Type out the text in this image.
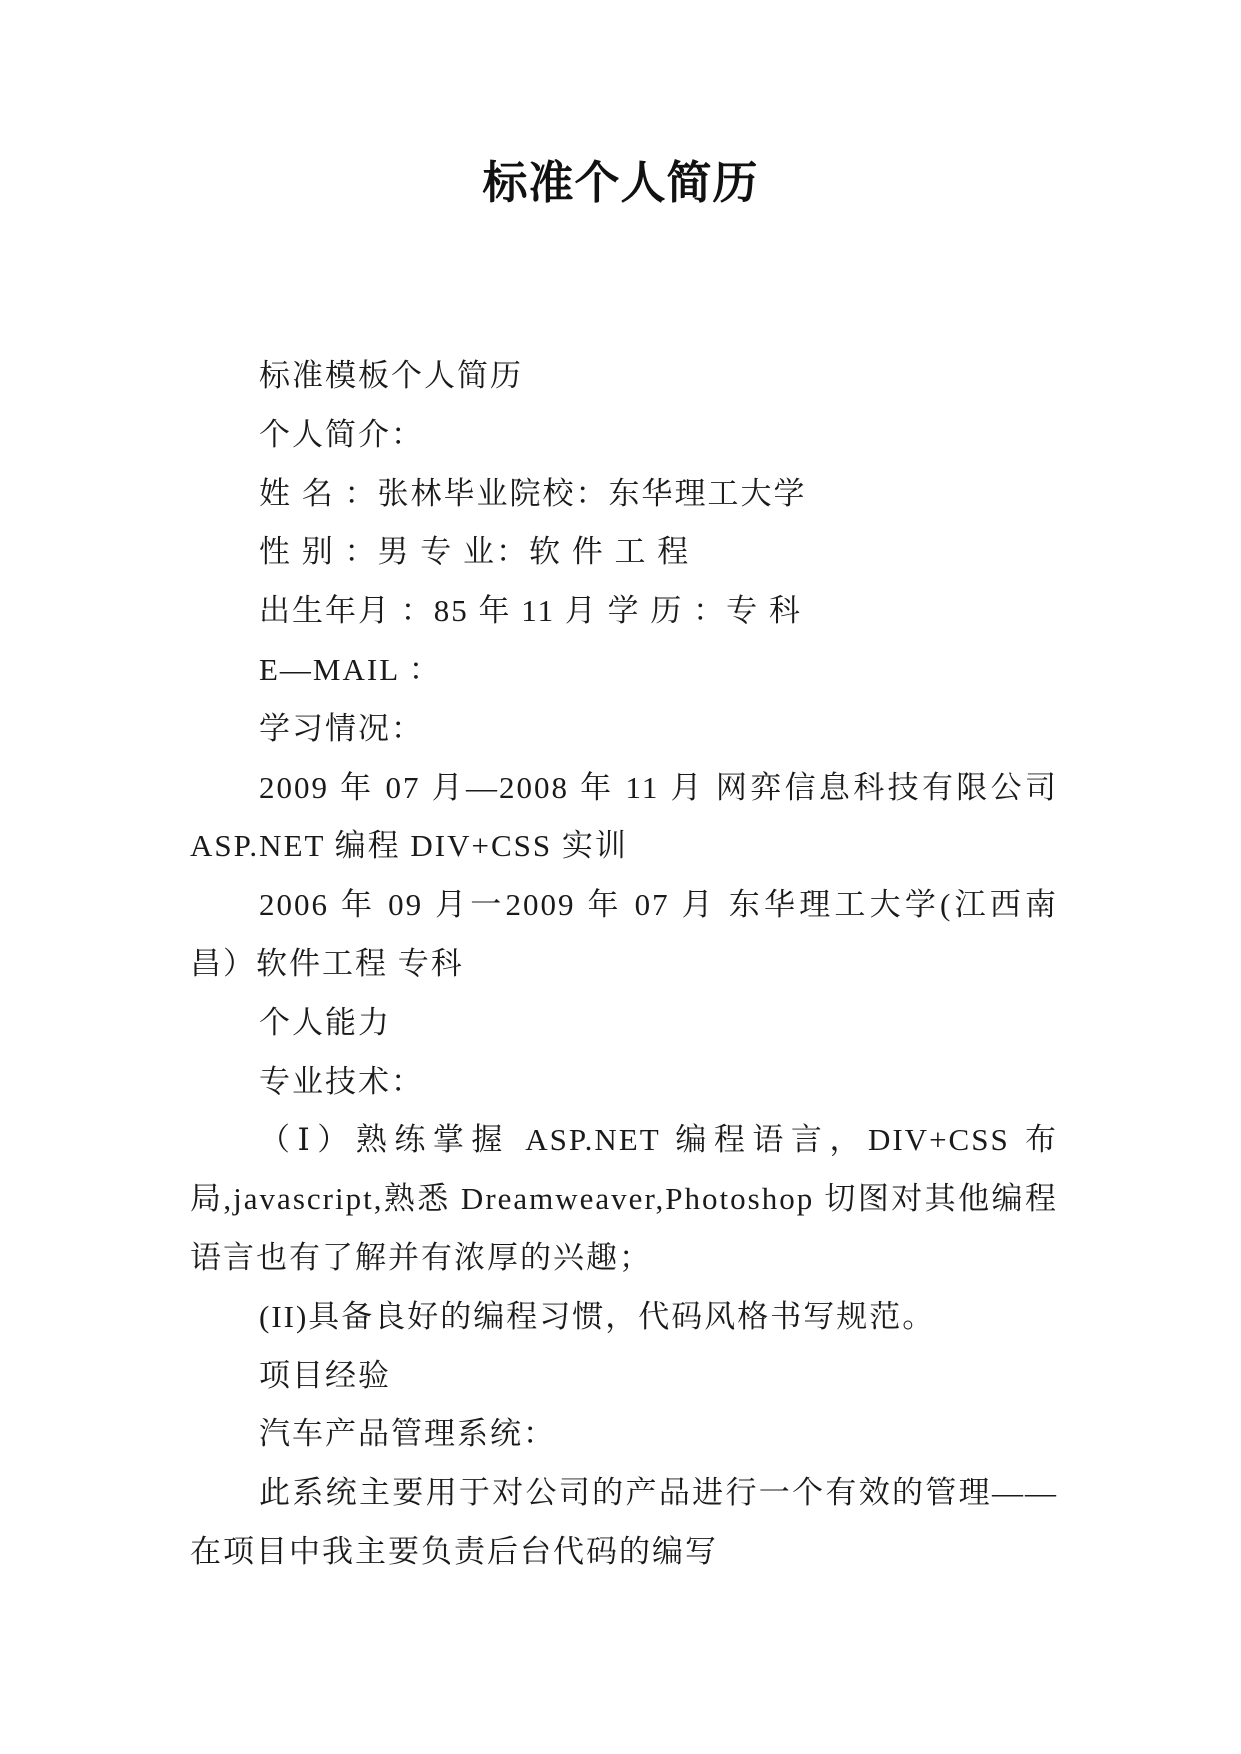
标准个人简历

标准模板个人简历

个人简介：

姓 名 ：张林毕业院校：东华理工大学

性 别 ：男 专 业：软 件 工 程

出生年月 ：85 年 11 月 学 历 ：专 科

E—MAIL ：

学习情况：

2009 年 07 月—2008 年 11 月 网弈信息科技有限公司 ASP.NET 编程 DIV+CSS 实训

2006 年 09 月一2009 年 07 月 东华理工大学(江西南昌）软件工程 专科

个人能力

专业技术：

（Ⅰ）熟练掌握 ASP.NET 编程语言，DIV+CSS 布局,javascript,熟悉 Dreamweaver,Photoshop 切图对其他编程语言也有了解并有浓厚的兴趣；

(II)具备良好的编程习惯，代码风格书写规范。

项目经验

汽车产品管理系统：

此系统主要用于对公司的产品进行一个有效的管理——在项目中我主要负责后台代码的编写
